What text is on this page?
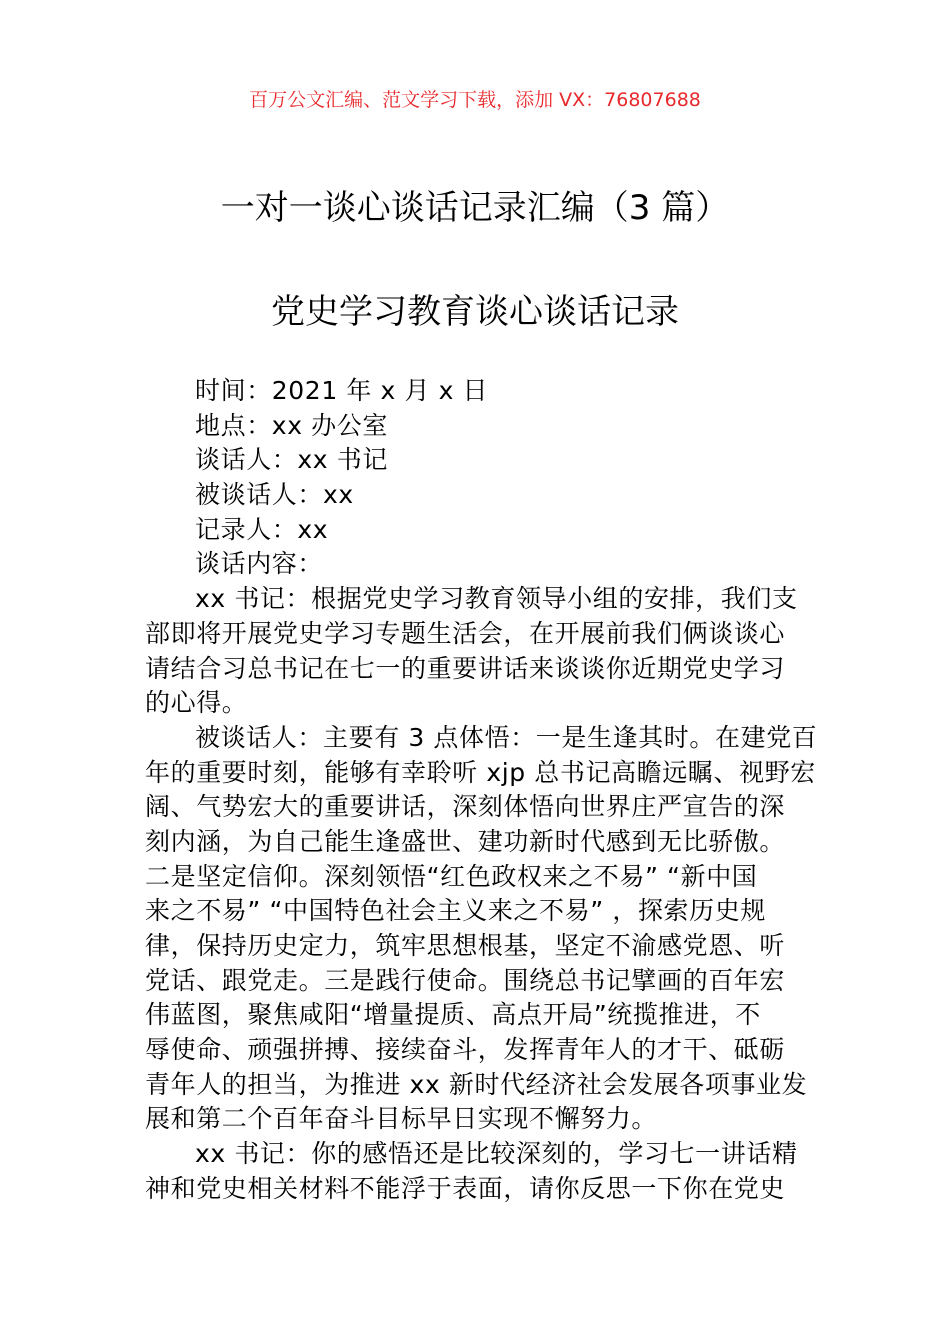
百万公文汇编、范文学习下载，添加 VX：76807688
一对一谈心谈话记录汇编（3 篇）
党史学习教育谈心谈话记录
时间：2021 年 x 月 x 日
地点：xx 办公室
谈话人：xx 书记
被谈话人：xx
记录人：xx
谈话内容：
xx 书记：根据党史学习教育领导小组的安排，我们支
部即将开展党史学习专题生活会，在开展前我们俩谈谈心
请结合习总书记在七一的重要讲话来谈谈你近期党史学习
的心得。
被谈话人：主要有 3 点体悟：一是生逢其时。在建党百
年的重要时刻，能够有幸聆听 xjp 总书记高瞻远瞩、视野宏
阔、气势宏大的重要讲话，深刻体悟向世界庄严宣告的深
刻内涵，为自己能生逢盛世、建功新时代感到无比骄傲。
二是坚定信仰。深刻领悟“红色政权来之不易” “新中国
来之不易” “中国特色社会主义来之不易” ，探索历史规
律，保持历史定力，筑牢思想根基，坚定不渝感党恩、听
党话、跟党走。三是践行使命。围绕总书记擘画的百年宏
伟蓝图，聚焦咸阳“增量提质、高点开局”统揽推进，不
辱使命、顽强拼搏、接续奋斗，发挥青年人的才干、砥砺
青年人的担当，为推进 xx 新时代经济社会发展各项事业发
展和第二个百年奋斗目标早日实现不懈努力。
xx 书记：你的感悟还是比较深刻的，学习七一讲话精
神和党史相关材料不能浮于表面，请你反思一下你在党史
